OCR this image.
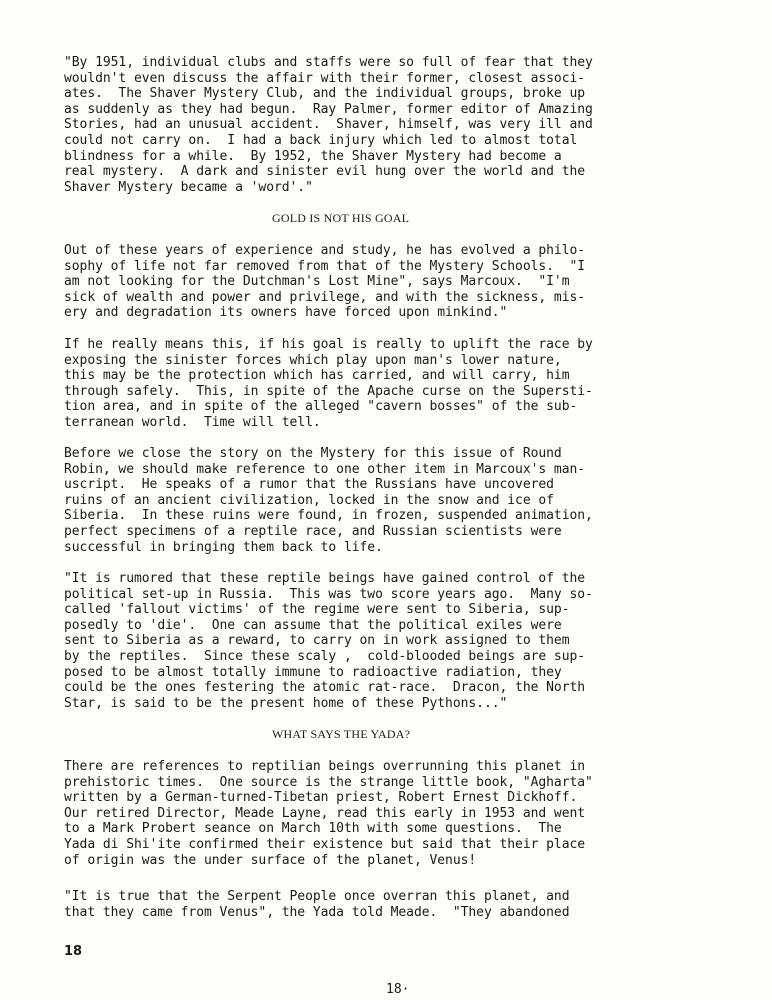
"By 1951, individual clubs and staffs were so full of fear that they
wouldn't even discuss the affair with their former, closest associ-
ates.  The Shaver Mystery Club, and the individual groups, broke up
as suddenly as they had begun.  Ray Palmer, former editor of Amazing
Stories, had an unusual accident.  Shaver, himself, was very ill and
could not carry on.  I had a back injury which led to almost total
blindness for a while.  By 1952, the Shaver Mystery had become a
real mystery.  A dark and sinister evil hung over the world and the
Shaver Mystery became a 'word'."

GOLD IS NOT HIS GOAL

Out of these years of experience and study, he has evolved a philo-
sophy of life not far removed from that of the Mystery Schools.  "I
am not looking for the Dutchman's Lost Mine", says Marcoux.  "I'm
sick of wealth and power and privilege, and with the sickness, mis-
ery and degradation its owners have forced upon minkind."

If he really means this, if his goal is really to uplift the race by
exposing the sinister forces which play upon man's lower nature,
this may be the protection which has carried, and will carry, him
through safely.  This, in spite of the Apache curse on the Supersti-
tion area, and in spite of the alleged "cavern bosses" of the sub-
terranean world.  Time will tell.

Before we close the story on the Mystery for this issue of Round
Robin, we should make reference to one other item in Marcoux's man-
uscript.  He speaks of a rumor that the Russians have uncovered
ruins of an ancient civilization, locked in the snow and ice of
Siberia.  In these ruins were found, in frozen, suspended animation,
perfect specimens of a reptile race, and Russian scientists were
successful in bringing them back to life.

"It is rumored that these reptile beings have gained control of the
political set-up in Russia.  This was two score years ago.  Many so-
called 'fallout victims' of the regime were sent to Siberia, sup-
posedly to 'die'.  One can assume that the political exiles were
sent to Siberia as a reward, to carry on in work assigned to them
by the reptiles.  Since these scaly ,  cold-blooded beings are sup-
posed to be almost totally immune to radioactive radiation, they
could be the ones festering the atomic rat-race.  Dracon, the North
Star, is said to be the present home of these Pythons..."

WHAT SAYS THE YADA?

There are references to reptilian beings overrunning this planet in
prehistoric times.  One source is the strange little book, "Agharta"
written by a German-turned-Tibetan priest, Robert Ernest Dickhoff.
Our retired Director, Meade Layne, read this early in 1953 and went
to a Mark Probert seance on March 10th with some questions.  The
Yada di Shi'ite confirmed their existence but said that their place
of origin was the under surface of the planet, Venus!

"It is true that the Serpent People once overran this planet, and
that they came from Venus", the Yada told Meade.  "They abandoned

18
18·
